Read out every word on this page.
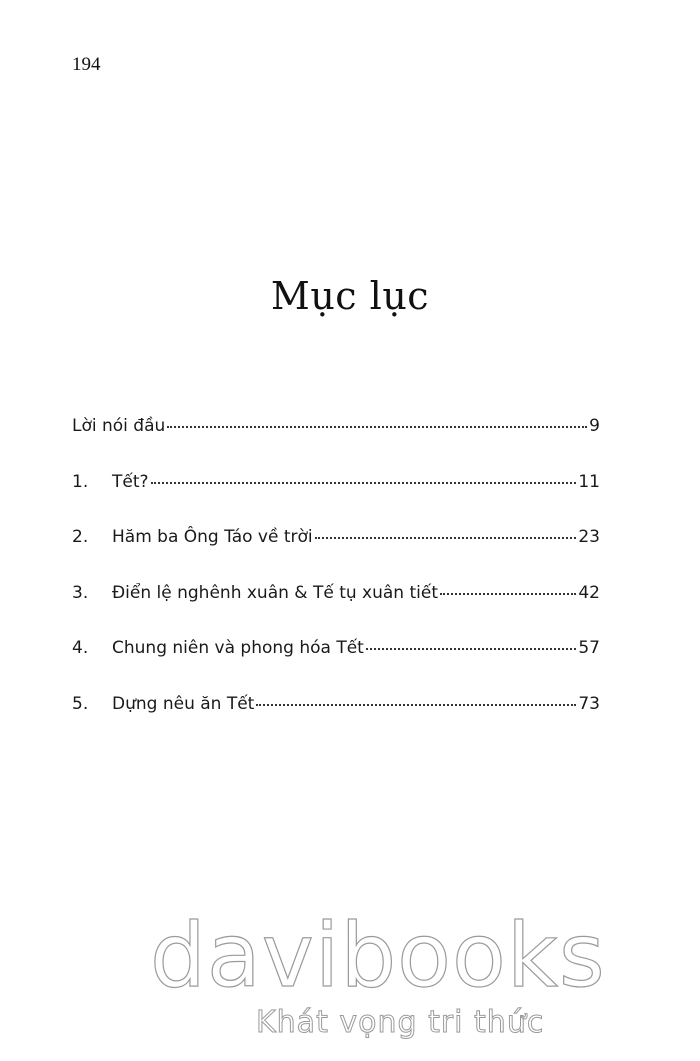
194
Mục lục
Lời nói đầu	9
1.	Tết?	11
2.	Hăm ba Ông Táo về trời	23
3.	Điển lệ nghênh xuân & Tế tụ xuân tiết	42
4.	Chung niên và phong hóa Tết	57
5.	Dựng nêu ăn Tết	73
davibooks
Khát vọng tri thức
